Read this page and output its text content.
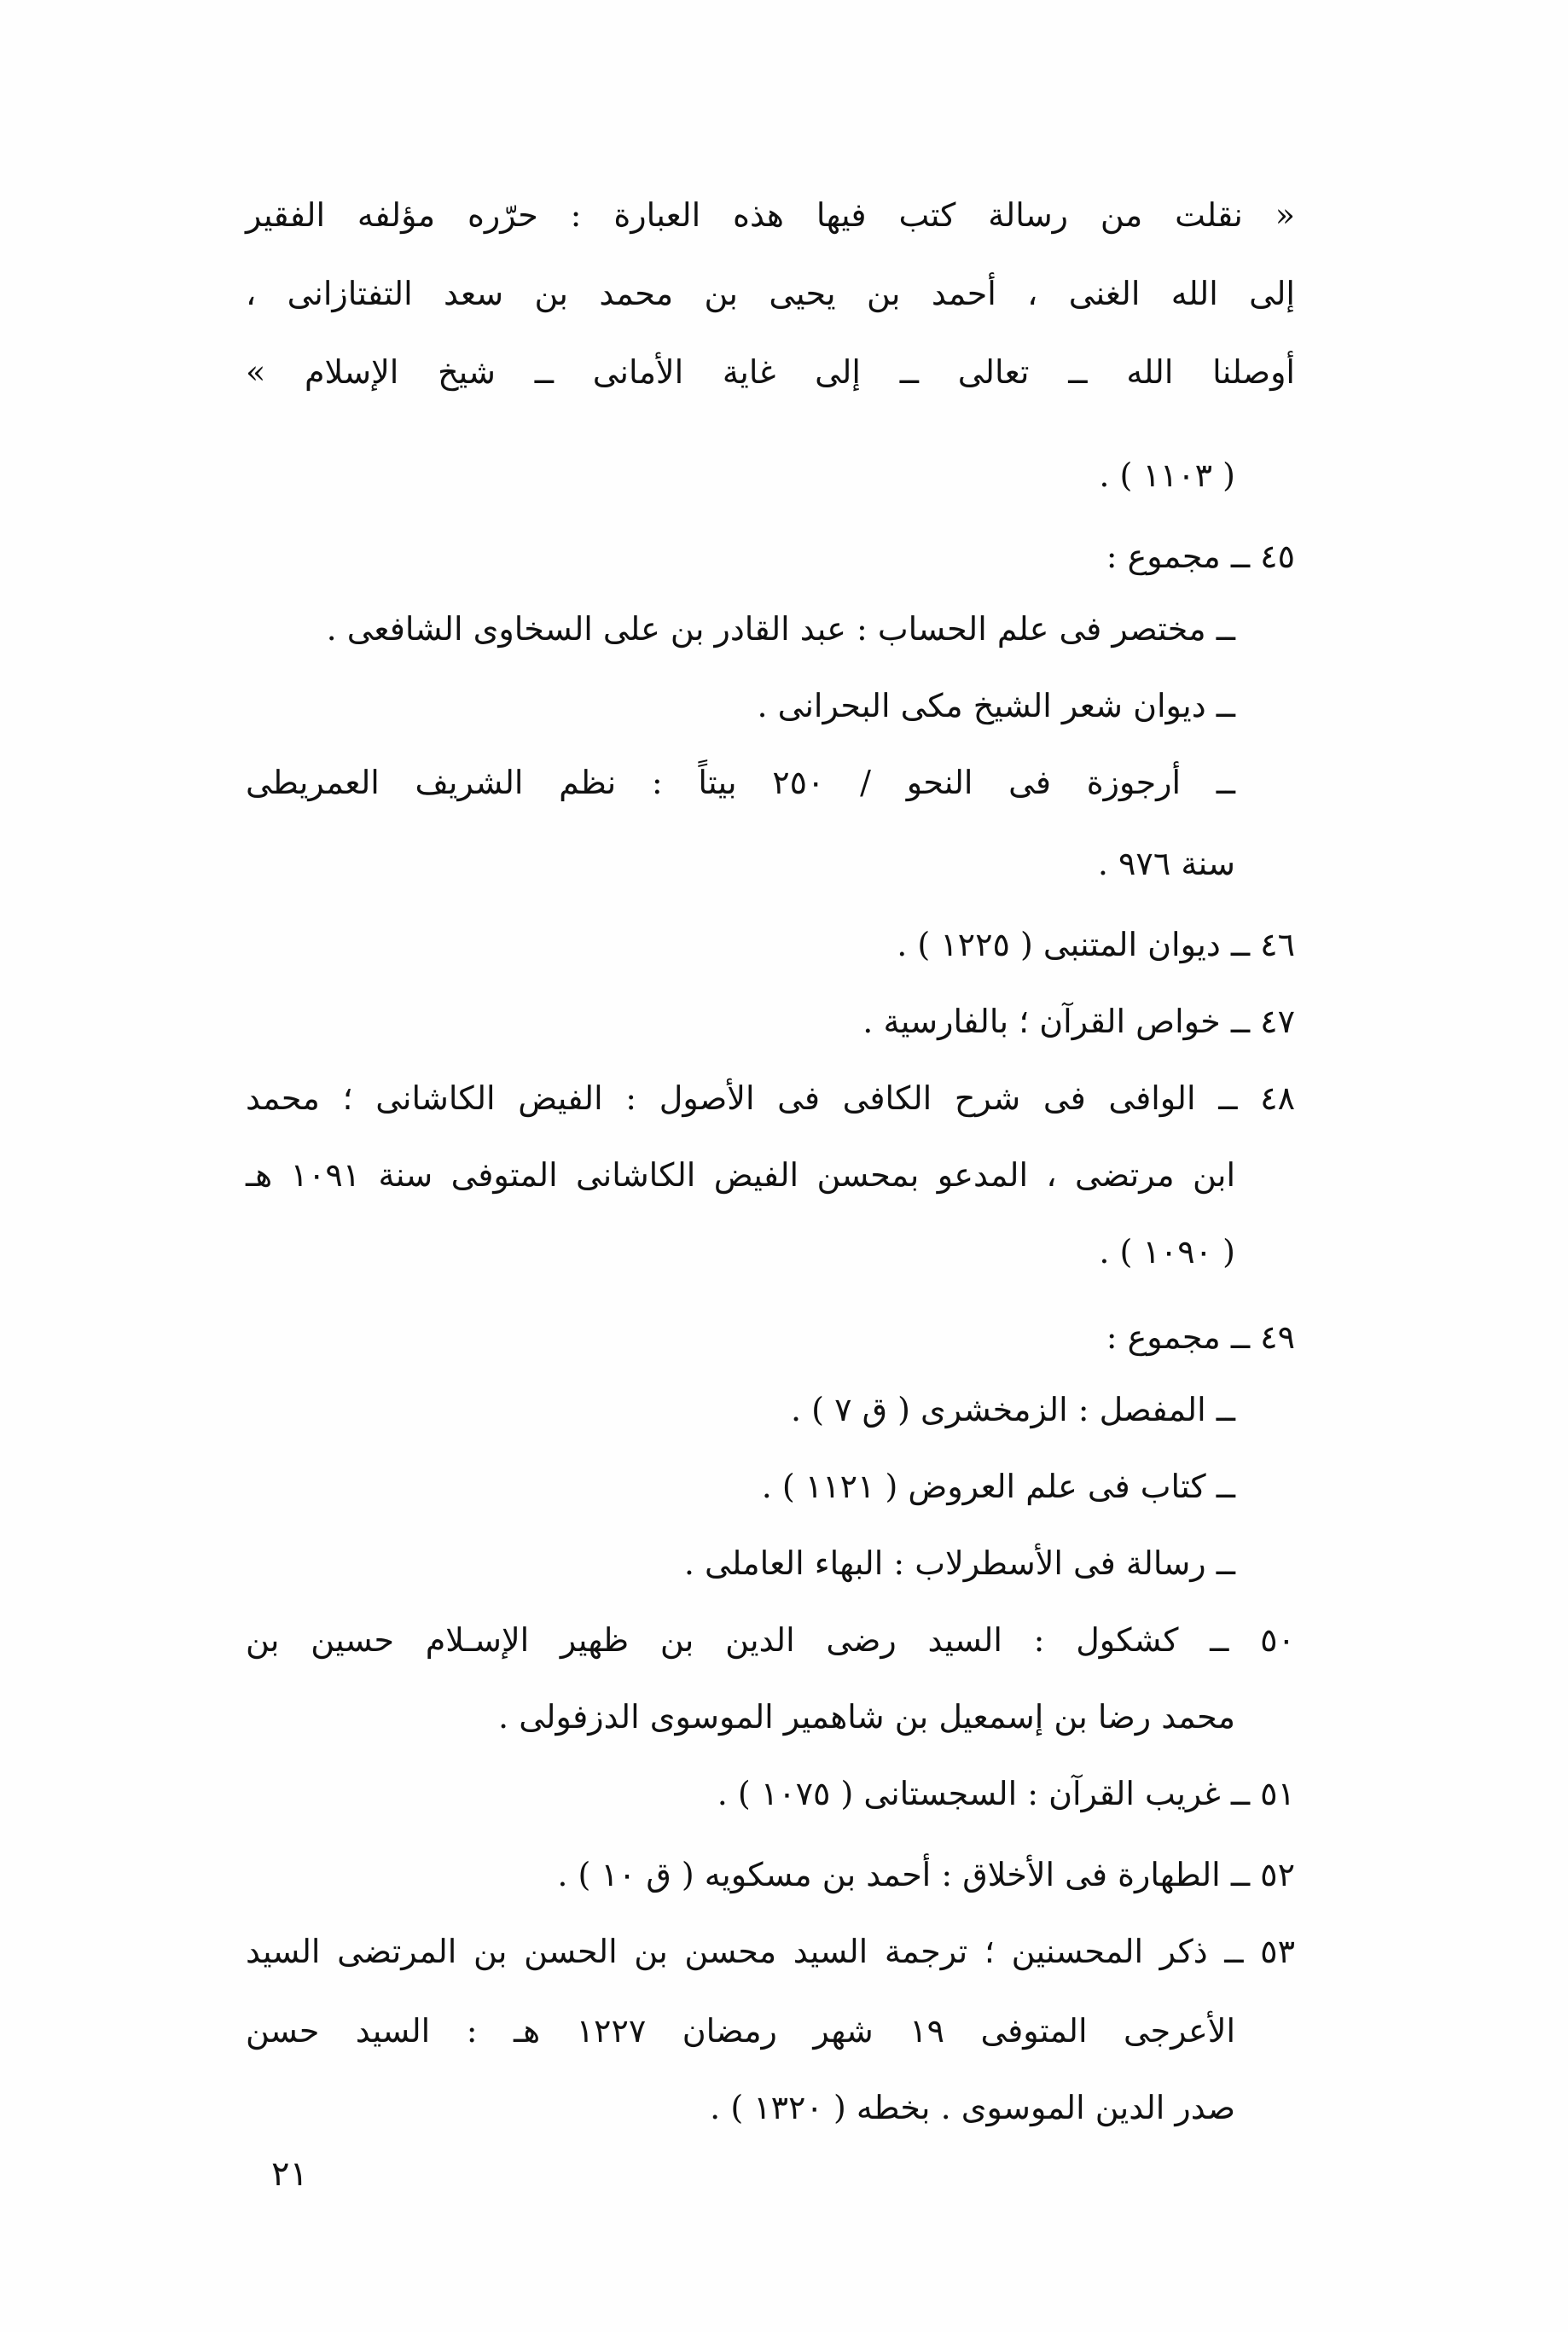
« نقلت من رسالة كتب فيها هذه العبارة : حرّره مؤلفه الفقير
إلى الله الغنى ، أحمد بن يحيى بن محمد بن سعد التفتازانى ،
أوصلنا الله ــ تعالى ــ إلى غاية الأمانى ــ شيخ الإسلام »
( ١١٠٣ ) .
٤٥ ــ مجموع :
ــ مختصر فى علم الحساب : عبد القادر بن على السخاوى الشافعى .
ــ ديوان شعر الشيخ مكى البحرانى .
ــ أرجوزة فى النحو / ٢٥٠ بيتاً : نظم الشريف العمريطى
سنة ٩٧٦ .
٤٦ ــ ديوان المتنبى ( ١٢٢٥ ) .
٤٧ ــ خواص القرآن ؛ بالفارسية .
٤٨ ــ الوافى فى شرح الكافى فى الأصول : الفيض الكاشانى ؛ محمد
ابن مرتضى ، المدعو بمحسن الفيض الكاشانى المتوفى سنة ١٠٩١ هـ
( ١٠٩٠ ) .
٤٩ ــ مجموع :
ــ المفصل : الزمخشرى ( ق ٧ ) .
ــ كتاب فى علم العروض ( ١١٢١ ) .
ــ رسالة فى الأسطرلاب : البهاء العاملى .
٥٠ ــ كشكول : السيد رضى الدين بن ظهير الإسـلام حسين بن
محمد رضا بن إسمعيل بن شاهمير الموسوى الدزفولى .
٥١ ــ غريب القرآن : السجستانى ( ١٠٧٥ ) .
٥٢ ــ الطهارة فى الأخلاق : أحمد بن مسكويه ( ق ١٠ ) .
٥٣ ــ ذكر المحسنين ؛ ترجمة السيد محسن بن الحسن بن المرتضى السيد
الأعرجى المتوفى ١٩ شهر رمضان ١٢٢٧ هـ : السيد حسن
صدر الدين الموسوى . بخطه ( ١٣٢٠ ) .
٢١
